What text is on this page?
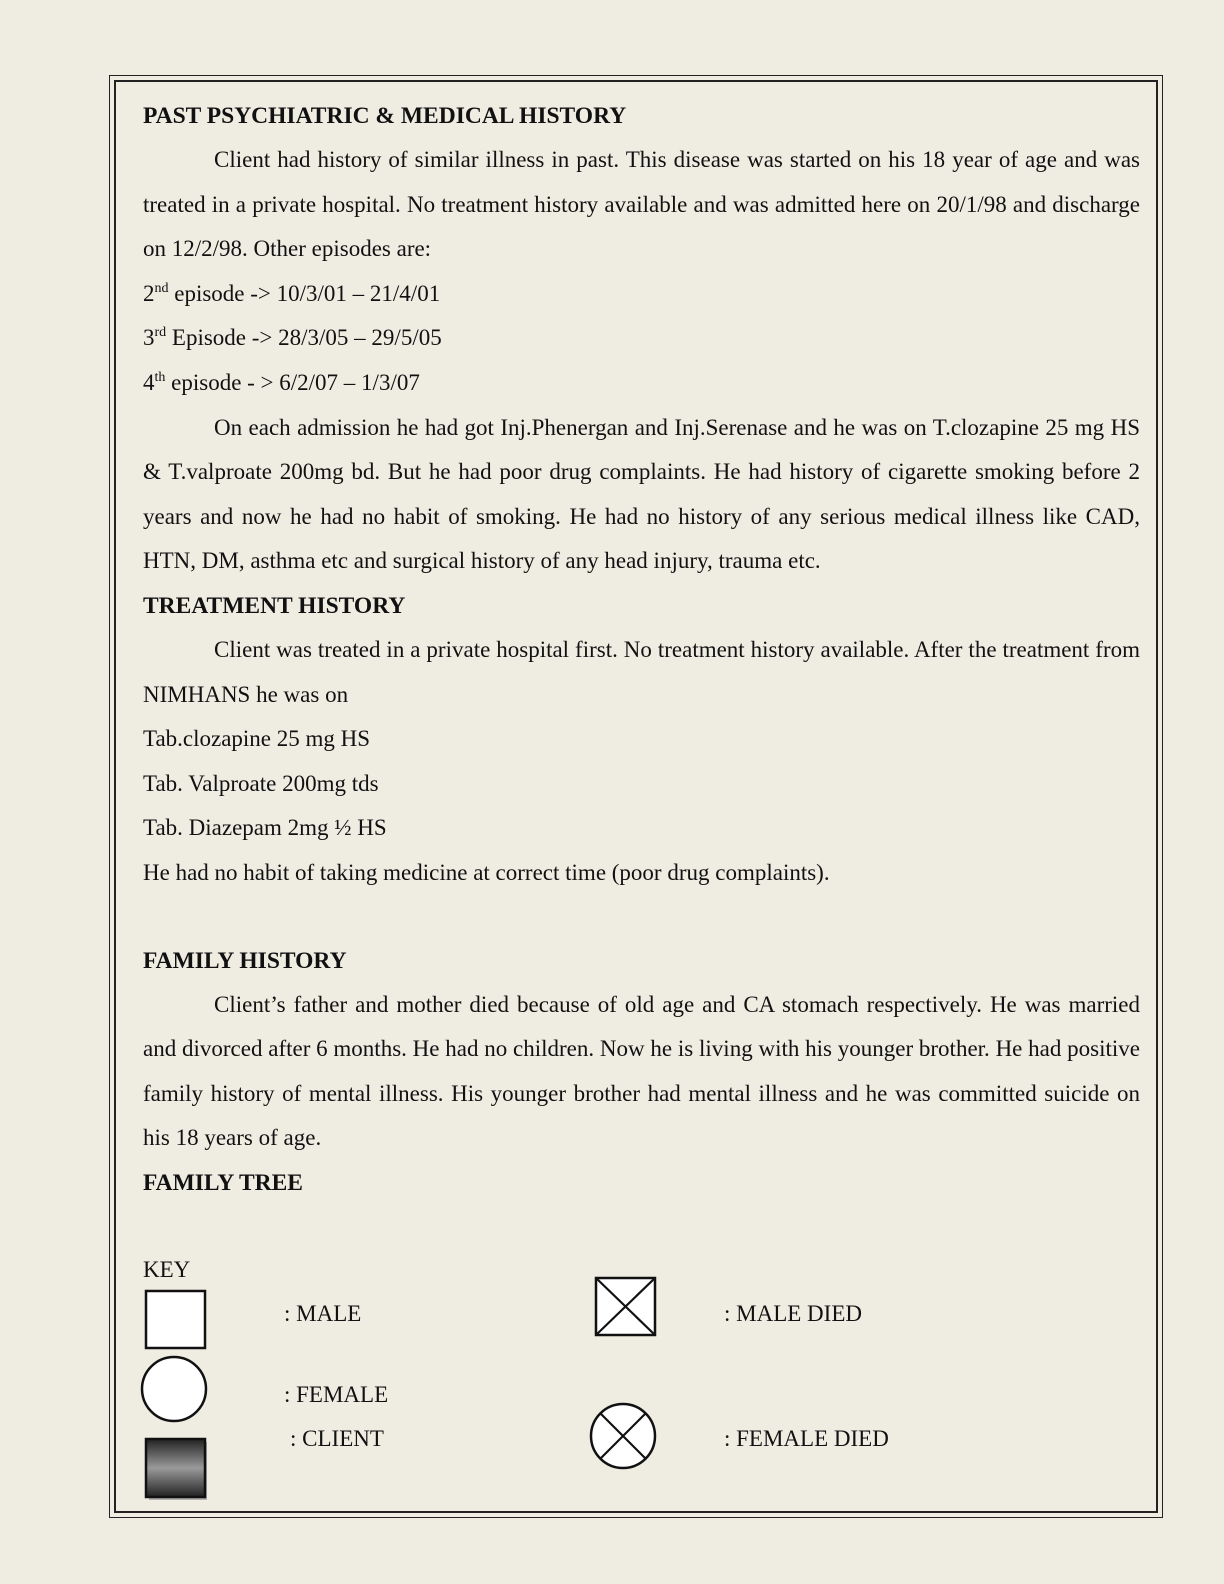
PAST PSYCHIATRIC & MEDICAL HISTORY

Client had history of similar illness in past. This disease was started on his 18 year of age and was treated in a private hospital. No treatment history available and was admitted here on 20/1/98 and discharge on 12/2/98. Other episodes are:

2nd episode -> 10/3/01 – 21/4/01

3rd Episode -> 28/3/05 – 29/5/05

4th episode - > 6/2/07 – 1/3/07

On each admission he had got Inj.Phenergan and Inj.Serenase and he was on T.clozapine 25 mg HS & T.valproate 200mg bd. But he had poor drug complaints. He had history of cigarette smoking before 2 years and now he had no habit of smoking. He had no history of any serious medical illness like CAD, HTN, DM, asthma etc and surgical history of any head injury, trauma etc.

TREATMENT HISTORY

Client was treated in a private hospital first. No treatment history available. After the treatment from NIMHANS he was on

Tab.clozapine 25 mg HS

Tab. Valproate 200mg tds

Tab. Diazepam 2mg ½ HS

He had no habit of taking medicine at correct time (poor drug complaints).

FAMILY HISTORY

Client’s father and mother died because of old age and CA stomach respectively. He was married and divorced after 6 months. He had no children. Now he is living with his younger brother. He had positive family history of mental illness. His younger brother had mental illness and he was committed suicide on his 18 years of age.

FAMILY TREE
KEY
: MALE	: MALE DIED
: FEMALE
: CLIENT	: FEMALE DIED
